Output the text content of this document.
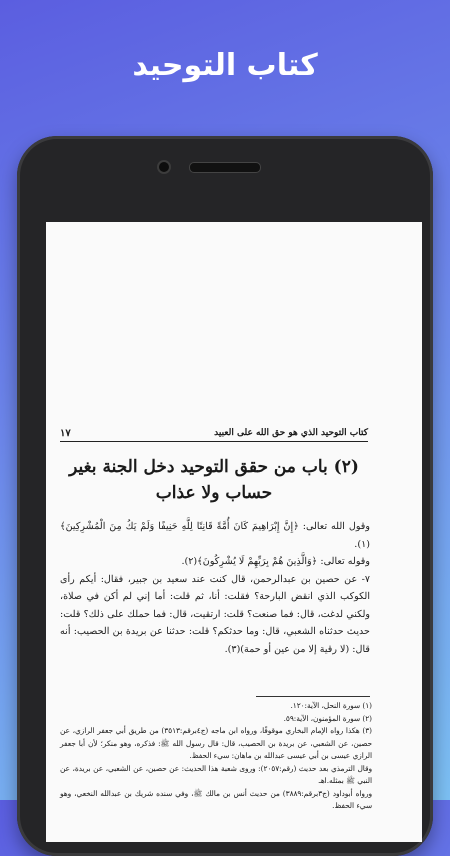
كتاب التوحيد
كتاب التوحيد الذي هو حق الله على العبيد
١٧
(٢) باب من حقق التوحيد دخل الجنة بغير حساب ولا عذاب

وقول الله تعالى: ﴿إِنَّ إِبْرَاهِيمَ كَانَ أُمَّةً قَانِتًا لِلَّهِ حَنِيفًا وَلَمْ يَكُ مِنَ الْمُشْرِكِينَ﴾(١).

وقوله تعالى: ﴿وَالَّذِينَ هُمْ بِرَبِّهِمْ لَا يُشْرِكُونَ﴾(٢).

٧- عن حصين بن عبدالرحمن، قال كنت عند سعيد بن جبير، فقال: أيكم رأى الكوكب الذي انقض البارحة؟ فقلت: أنا، ثم قلت: أما إني لم أكن في صلاة، ولكني لدغت، قال: فما صنعت؟ قلت: ارتقيت، قال: فما حملك على ذلك؟ قلت: حديث حدثناه الشعبي، قال: وما حدثكم؟ قلت: حدثنا عن بريدة بن الحصيب: أنه قال: (لا رقية إلا من عين أو حمة)(٣).

(١) سورة النحل، الآية:١٢٠.

(٢) سورة المؤمنون، الآية:٥٩.

(٣) هكذا رواه الإمام البخاري موقوفًا، ورواه ابن ماجه (ج٤برقم:٣٥١٣) من طريق أبي جعفر الرازي، عن حصين، عن الشعبي، عن بريدة بن الحصيب، قال: قال رسول الله ﷺ: فذكره، وهو منكر؛ لأن أبا جعفر الرازي عيسى بن أبي عيسى عبدالله بن ماهان: سيء الحفظ.

وقال الترمذي بعد حديث (رقم:٢٠٥٧): وروى شعبة هذا الحديث: عن حصين، عن الشعبي، عن بريدة، عن النبي ﷺ بمثله.اهـ

ورواه أبوداود (ج٣برقم:٣٨٨٩) من حديث أنس بن مالك ﷺ، وفي سنده شريك بن عبدالله النخعي، وهو سيء الحفظ.
